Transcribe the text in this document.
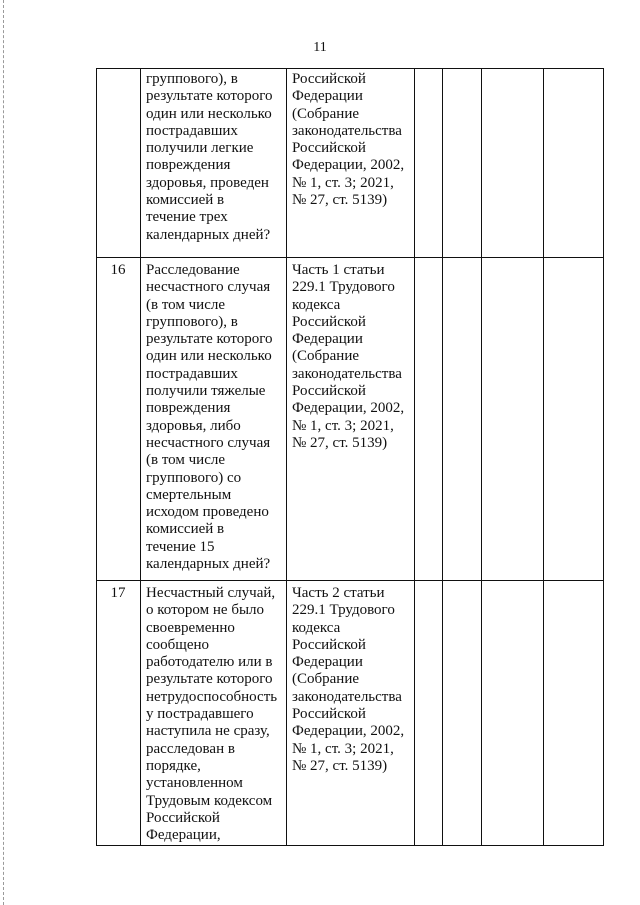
11
группового), в
результате которого
один или несколько
пострадавших
получили легкие
повреждения
здоровья, проведен
комиссией в
течение трех
календарных дней?
Российской
Федерации
(Собрание
законодательства
Российской
Федерации, 2002,
№ 1, ст. 3; 2021,
№ 27, ст. 5139)
16	Расследование
несчастного случая
(в том числе
группового), в
результате которого
один или несколько
пострадавших
получили тяжелые
повреждения
здоровья, либо
несчастного случая
(в том числе
группового) со
смертельным
исходом проведено
комиссией в
течение 15
календарных дней?
Часть 1 статьи
229.1 Трудового
кодекса
Российской
Федерации
(Собрание
законодательства
Российской
Федерации, 2002,
№ 1, ст. 3; 2021,
№ 27, ст. 5139)
17	Несчастный случай,
о котором не было
своевременно
сообщено
работодателю или в
результате которого
нетрудоспособность
у пострадавшего
наступила не сразу,
расследован в
порядке,
установленном
Трудовым кодексом
Российской
Федерации,
Часть 2 статьи
229.1 Трудового
кодекса
Российской
Федерации
(Собрание
законодательства
Российской
Федерации, 2002,
№ 1, ст. 3; 2021,
№ 27, ст. 5139)
